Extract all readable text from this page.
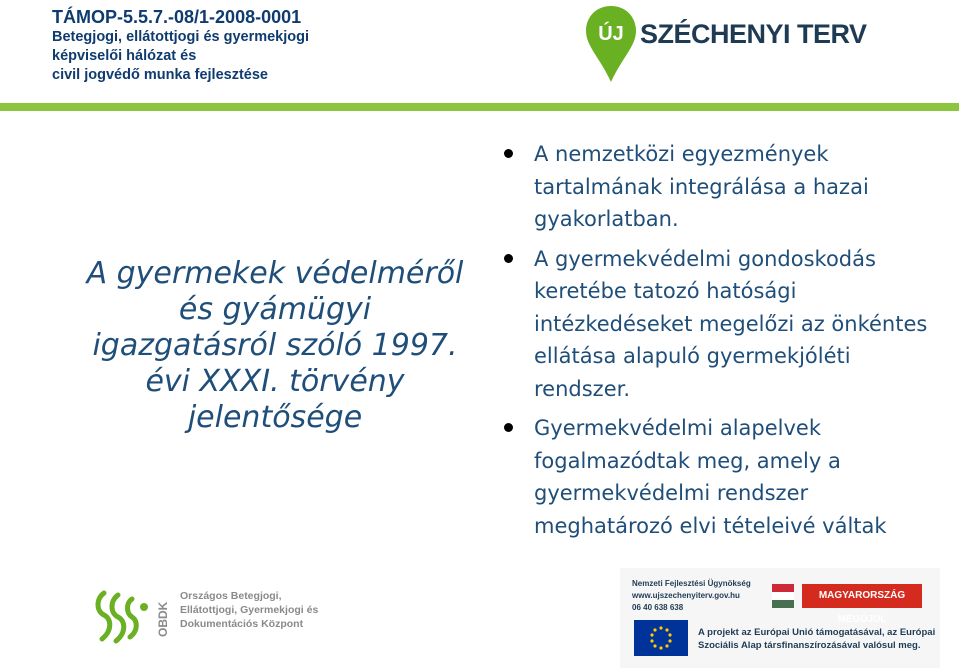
TÁMOP-5.5.7.-08/1-2008-0001
Betegjogi, ellátottjogi és gyermekjogi
képviselői hálózat és
civil jogvédő munka fejlesztése
ÚJ SZÉCHENYI TERV
A gyermekek védelméről
és gyámügyi
igazgatásról szóló 1997.
évi XXXI. törvény
jelentősége
A nemzetközi egyezmények tartalmának integrálása a hazai gyakorlatban.
A gyermekvédelmi gondoskodás keretébe tatozó hatósági intézkedéseket megelőzi az önkéntes ellátása alapuló gyermekjóléti rendszer.
Gyermekvédelmi alapelvek fogalmazódtak meg, amely a gyermekvédelmi rendszer meghatározó elvi tételeivé váltak
OBDK
Országos Betegjogi,
Ellátottjogi, Gyermekjogi és
Dokumentációs Központ
Nemzeti Fejlesztési Ügynökség
www.ujszechenyiterv.gov.hu
06 40 638 638
MAGYARORSZÁG MEGÚJUL
A projekt az Európai Unió támogatásával, az Európai
Szociális Alap társfinanszírozásával valósul meg.
